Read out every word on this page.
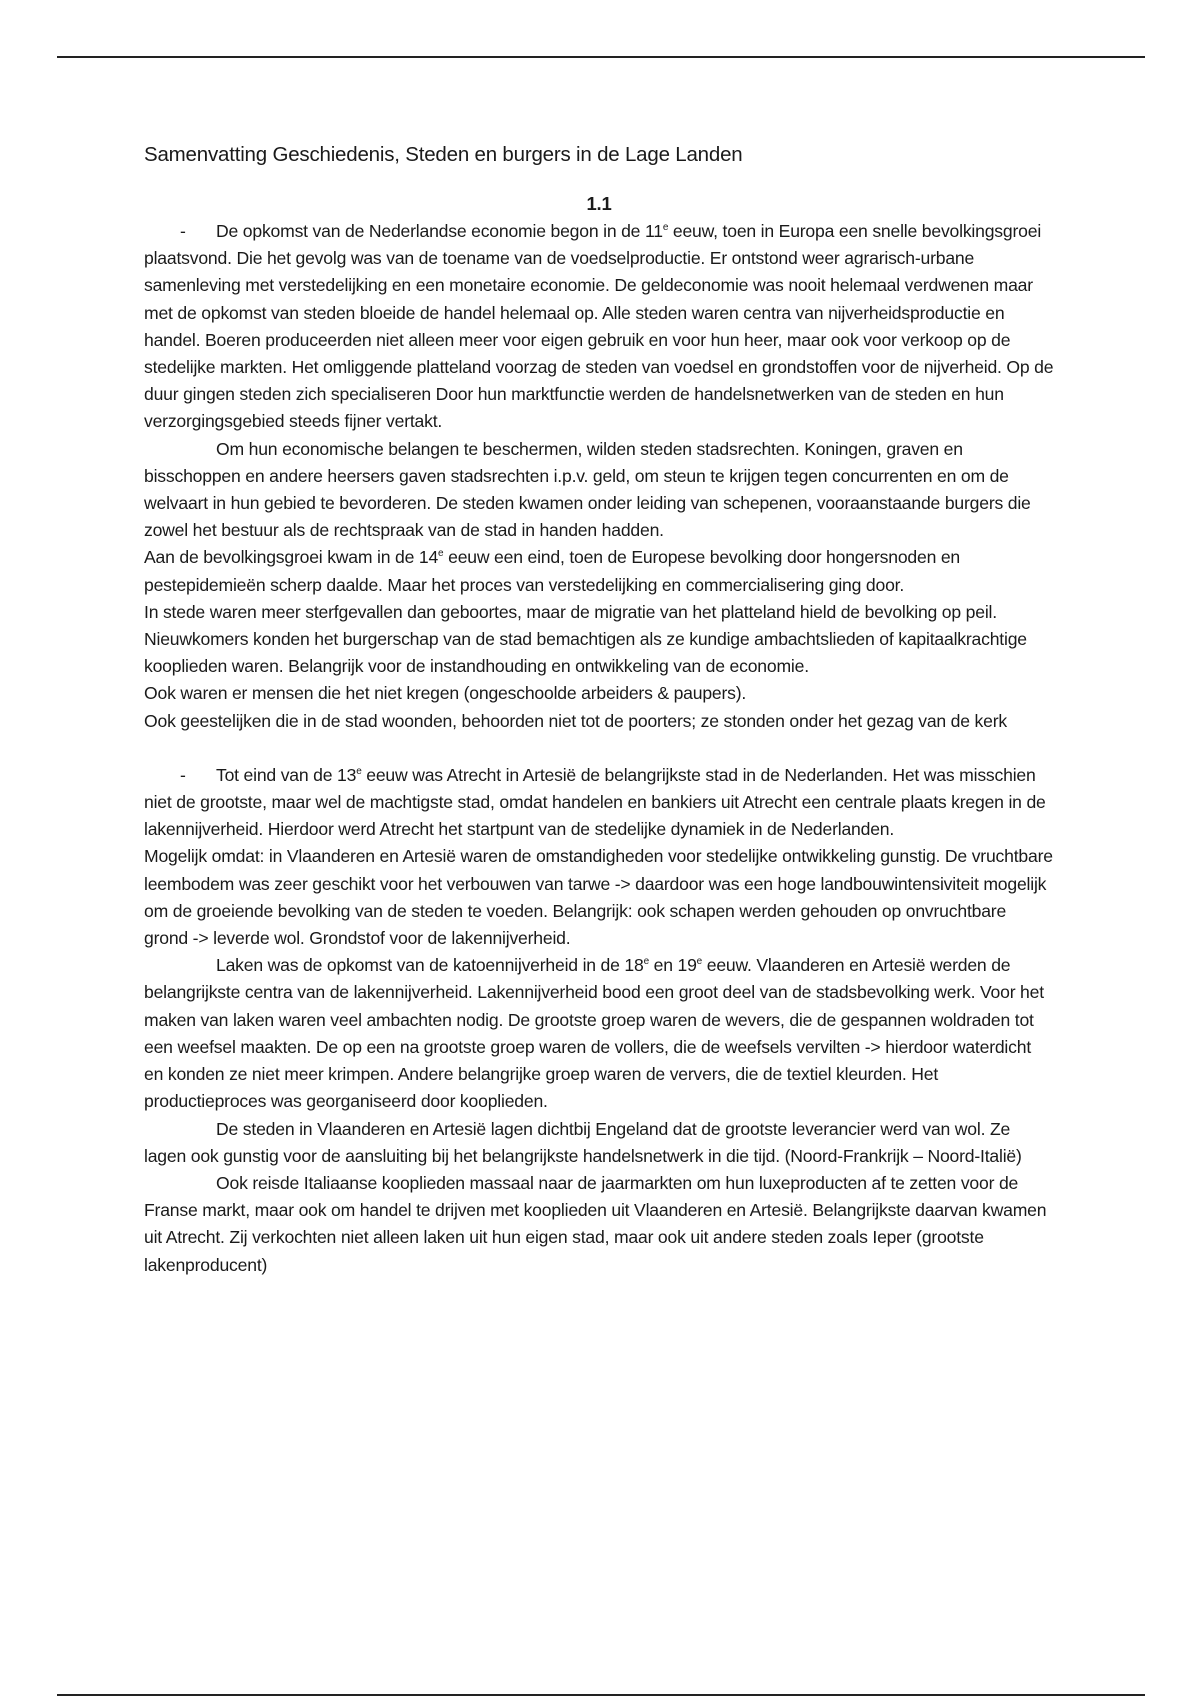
Samenvatting Geschiedenis, Steden en burgers in de Lage Landen
1.1

- De opkomst van de Nederlandse economie begon in de 11e eeuw, toen in Europa een snelle bevolkingsgroei plaatsvond. Die het gevolg was van de toename van de voedselproductie. Er ontstond weer agrarisch-urbane samenleving met verstedelijking en een monetaire economie. De geldeconomie was nooit helemaal verdwenen maar met de opkomst van steden bloeide de handel helemaal op. Alle steden waren centra van nijverheidsproductie en handel. Boeren produceerden niet alleen meer voor eigen gebruik en voor hun heer, maar ook voor verkoop op de stedelijke markten. Het omliggende platteland voorzag de steden van voedsel en grondstoffen voor de nijverheid. Op de duur gingen steden zich specialiseren Door hun marktfunctie werden de handelsnetwerken van de steden en hun verzorgingsgebied steeds fijner vertakt.

Om hun economische belangen te beschermen, wilden steden stadsrechten. Koningen, graven en bisschoppen en andere heersers gaven stadsrechten i.p.v. geld, om steun te krijgen tegen concurrenten en om de welvaart in hun gebied te bevorderen. De steden kwamen onder leiding van schepenen, vooraanstaande burgers die zowel het bestuur als de rechtspraak van de stad in handen hadden.

Aan de bevolkingsgroei kwam in de 14e eeuw een eind, toen de Europese bevolking door hongersnoden en pestepidemieën scherp daalde. Maar het proces van verstedelijking en commercialisering ging door.

In stede waren meer sterfgevallen dan geboortes, maar de migratie van het platteland hield de bevolking op peil. Nieuwkomers konden het burgerschap van de stad bemachtigen als ze kundige ambachtslieden of kapitaalkrachtige kooplieden waren. Belangrijk voor de instandhouding en ontwikkeling van de economie.

Ook waren er mensen die het niet kregen (ongeschoolde arbeiders & paupers).

Ook geestelijken die in de stad woonden, behoorden niet tot de poorters; ze stonden onder het gezag van de kerk

- Tot eind van de 13e eeuw was Atrecht in Artesië de belangrijkste stad in de Nederlanden. Het was misschien niet de grootste, maar wel de machtigste stad, omdat handelen en bankiers uit Atrecht een centrale plaats kregen in de lakennijverheid. Hierdoor werd Atrecht het startpunt van de stedelijke dynamiek in de Nederlanden.

Mogelijk omdat: in Vlaanderen en Artesië waren de omstandigheden voor stedelijke ontwikkeling gunstig. De vruchtbare leembodem was zeer geschikt voor het verbouwen van tarwe -> daardoor was een hoge landbouwintensiviteit mogelijk om de groeiende bevolking van de steden te voeden. Belangrijk: ook schapen werden gehouden op onvruchtbare grond -> leverde wol. Grondstof voor de lakennijverheid.

Laken was de opkomst van de katoennijverheid in de 18e en 19e eeuw. Vlaanderen en Artesië werden de belangrijkste centra van de lakennijverheid. Lakennijverheid bood een groot deel van de stadsbevolking werk. Voor het maken van laken waren veel ambachten nodig. De grootste groep waren de wevers, die de gespannen woldraden tot een weefsel maakten. De op een na grootste groep waren de vollers, die de weefsels vervilten -> hierdoor waterdicht en konden ze niet meer krimpen. Andere belangrijke groep waren de ververs, die de textiel kleurden. Het productieproces was georganiseerd door kooplieden.

De steden in Vlaanderen en Artesië lagen dichtbij Engeland dat de grootste leverancier werd van wol. Ze lagen ook gunstig voor de aansluiting bij het belangrijkste handelsnetwerk in die tijd. (Noord-Frankrijk – Noord-Italië)

Ook reisde Italiaanse kooplieden massaal naar de jaarmarkten om hun luxeproducten af te zetten voor de Franse markt, maar ook om handel te drijven met kooplieden uit Vlaanderen en Artesië. Belangrijkste daarvan kwamen uit Atrecht. Zij verkochten niet alleen laken uit hun eigen stad, maar ook uit andere steden zoals Ieper (grootste lakenproducent)
